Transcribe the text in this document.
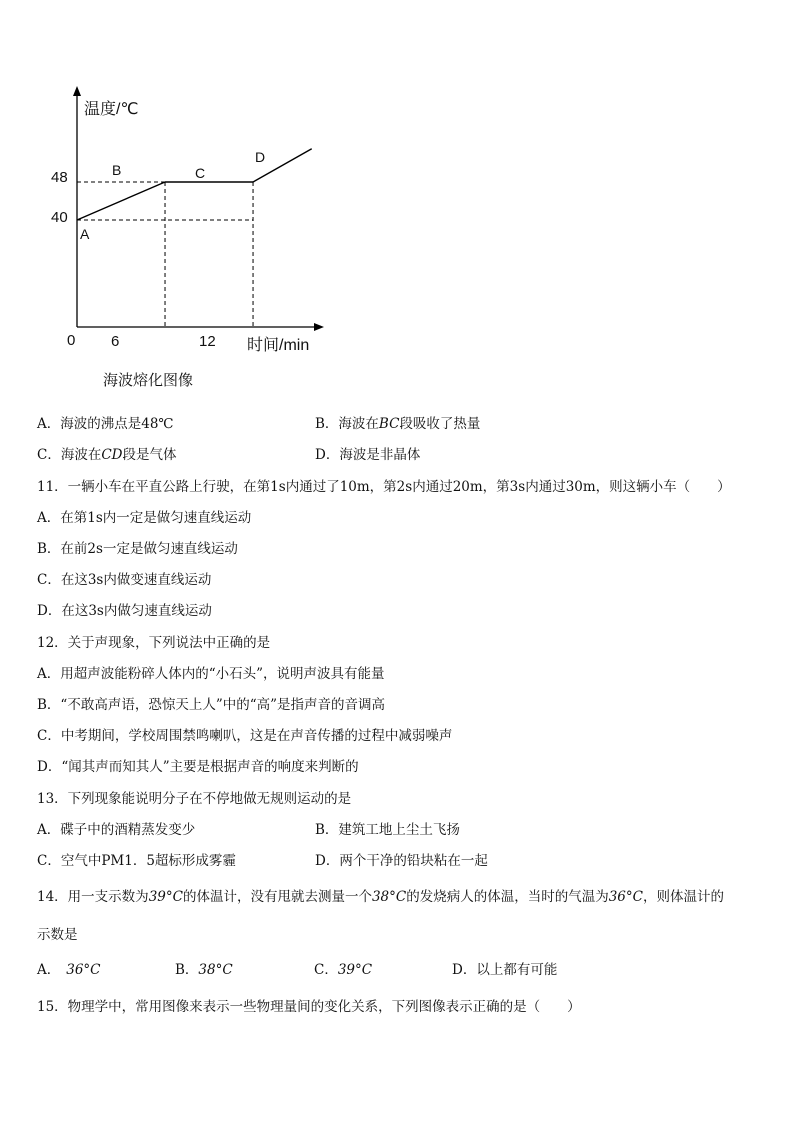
温度/℃
48
40
0 6	12
A
B	C
D
时间/min
海波熔化图像
A．海波的沸点是48℃	B．海波在BC段吸收了热量
C．海波在CD段是气体	D．海波是非晶体
11．一辆小车在平直公路上行驶，在第1s内通过了10m，第2s内通过20m，第3s内通过30m，则这辆小车（　　）
A．在第1s内一定是做匀速直线运动
B．在前2s一定是做匀速直线运动
C．在这3s内做变速直线运动
D．在这3s内做匀速直线运动
12．关于声现象，下列说法中正确的是
A．用超声波能粉碎人体内的“小石头”，说明声波具有能量
B．“不敢高声语，恐惊天上人”中的“高”是指声音的音调高
C．中考期间，学校周围禁鸣喇叭，这是在声音传播的过程中减弱噪声
D．“闻其声而知其人”主要是根据声音的响度来判断的
13．下列现象能说明分子在不停地做无规则运动的是
A．碟子中的酒精蒸发变少	B．建筑工地上尘土飞扬
C．空气中PM1．5超标形成雾霾	D．两个干净的铅块粘在一起
14．用一支示数为39°C的体温计，没有甩就去测量一个38°C的发烧病人的体温，当时的气温为36°C，则体温计的
示数是
A． 36°C	B．38°C	C．39°C	D．以上都有可能
15．物理学中，常用图像来表示一些物理量间的变化关系，下列图像表示正确的是（　　）
